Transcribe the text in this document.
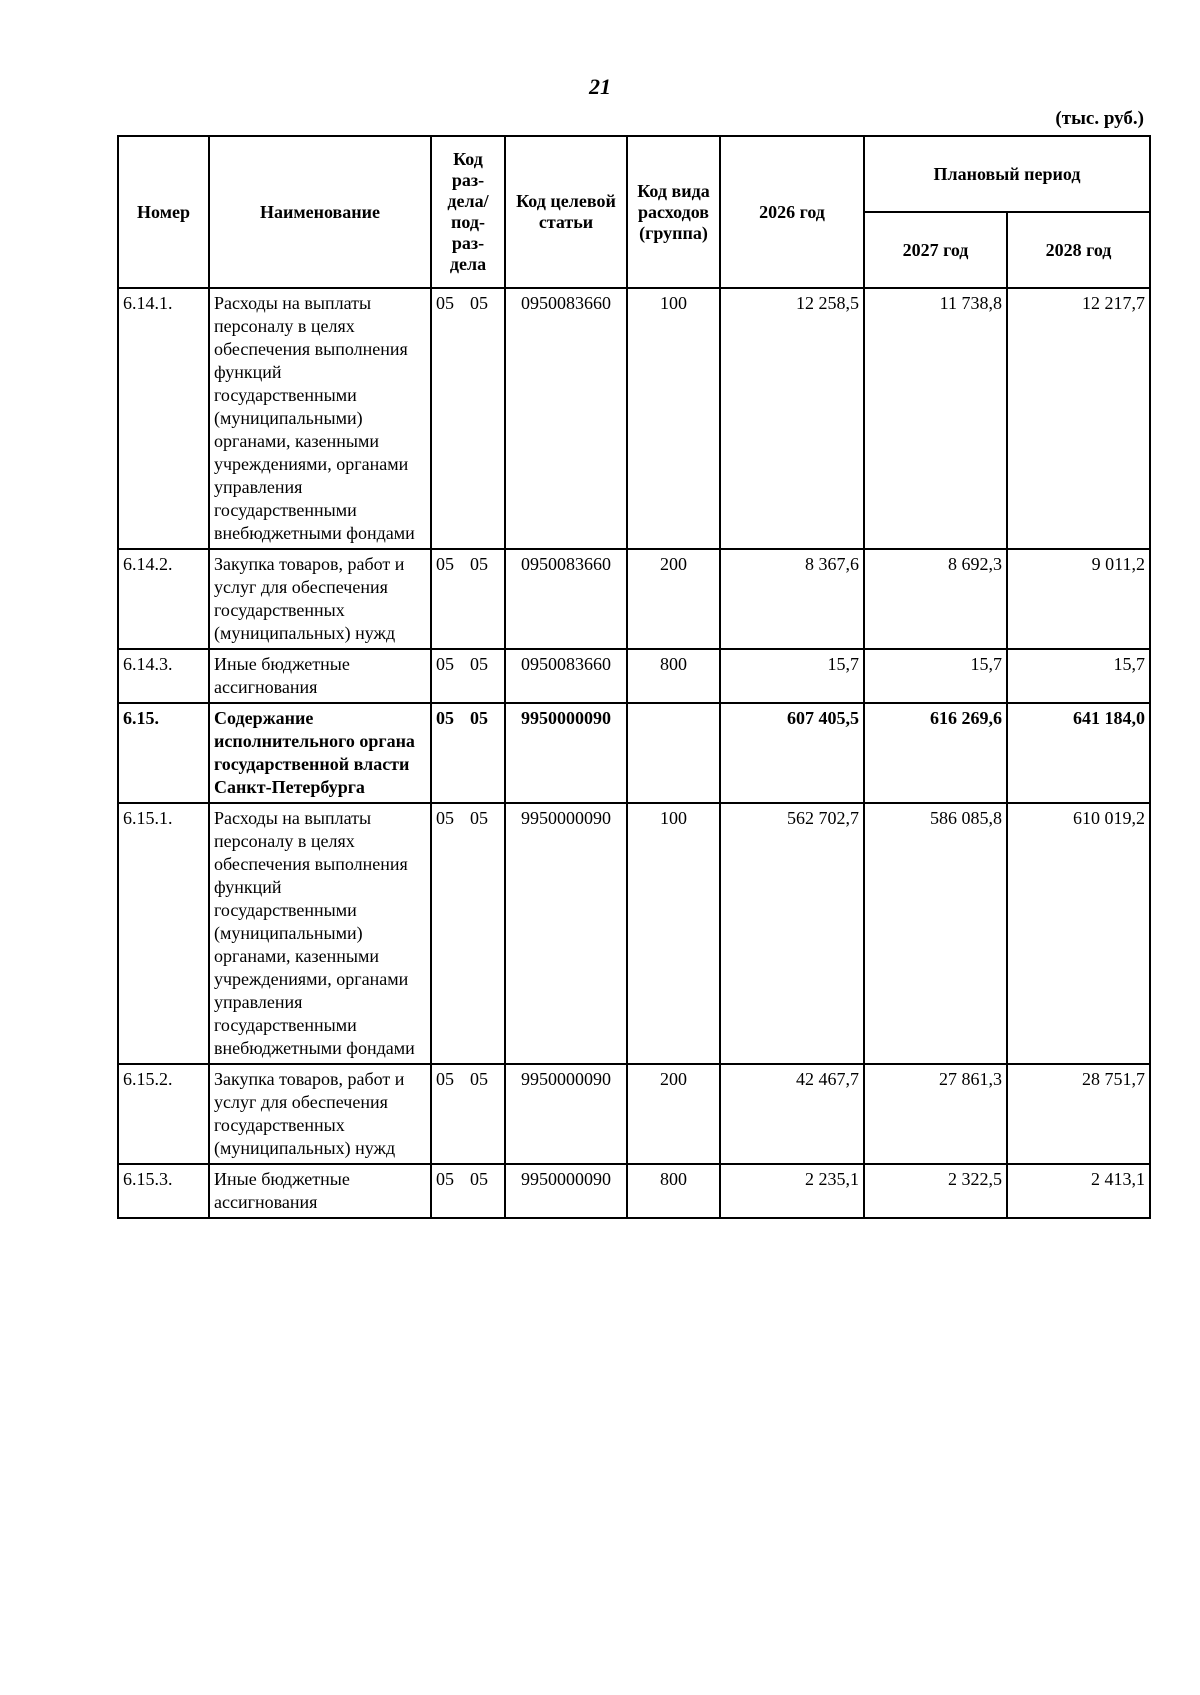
21
(тыс. руб.)
Номер	Наименование	Код раз-дела/ под-раз-дела	Код целевой статьи	Код вида расходов (группа)	2026 год	Плановый период	
						2027 год	2028 год
6.14.1.	Расходы на выплаты персоналу в целях обеспечения выполнения функций государственными (муниципальными) органами, казенными учреждениями, органами управления государственными внебюджетными фондами	05 05	0950083660	100	12 258,5	11 738,8	12 217,7
6.14.2.	Закупка товаров, работ и услуг для обеспечения государственных (муниципальных) нужд	05 05	0950083660	200	8 367,6	8 692,3	9 011,2
6.14.3.	Иные бюджетные ассигнования	05 05	0950083660	800	15,7	15,7	15,7
6.15.	Содержание исполнительного органа государственной власти Санкт-Петербурга	05 05	9950000090		607 405,5	616 269,6	641 184,0
6.15.1.	Расходы на выплаты персоналу в целях обеспечения выполнения функций государственными (муниципальными) органами, казенными учреждениями, органами управления государственными внебюджетными фондами	05 05	9950000090	100	562 702,7	586 085,8	610 019,2
6.15.2.	Закупка товаров, работ и услуг для обеспечения государственных (муниципальных) нужд	05 05	9950000090	200	42 467,7	27 861,3	28 751,7
6.15.3.	Иные бюджетные ассигнования	05 05	9950000090	800	2 235,1	2 322,5	2 413,1
